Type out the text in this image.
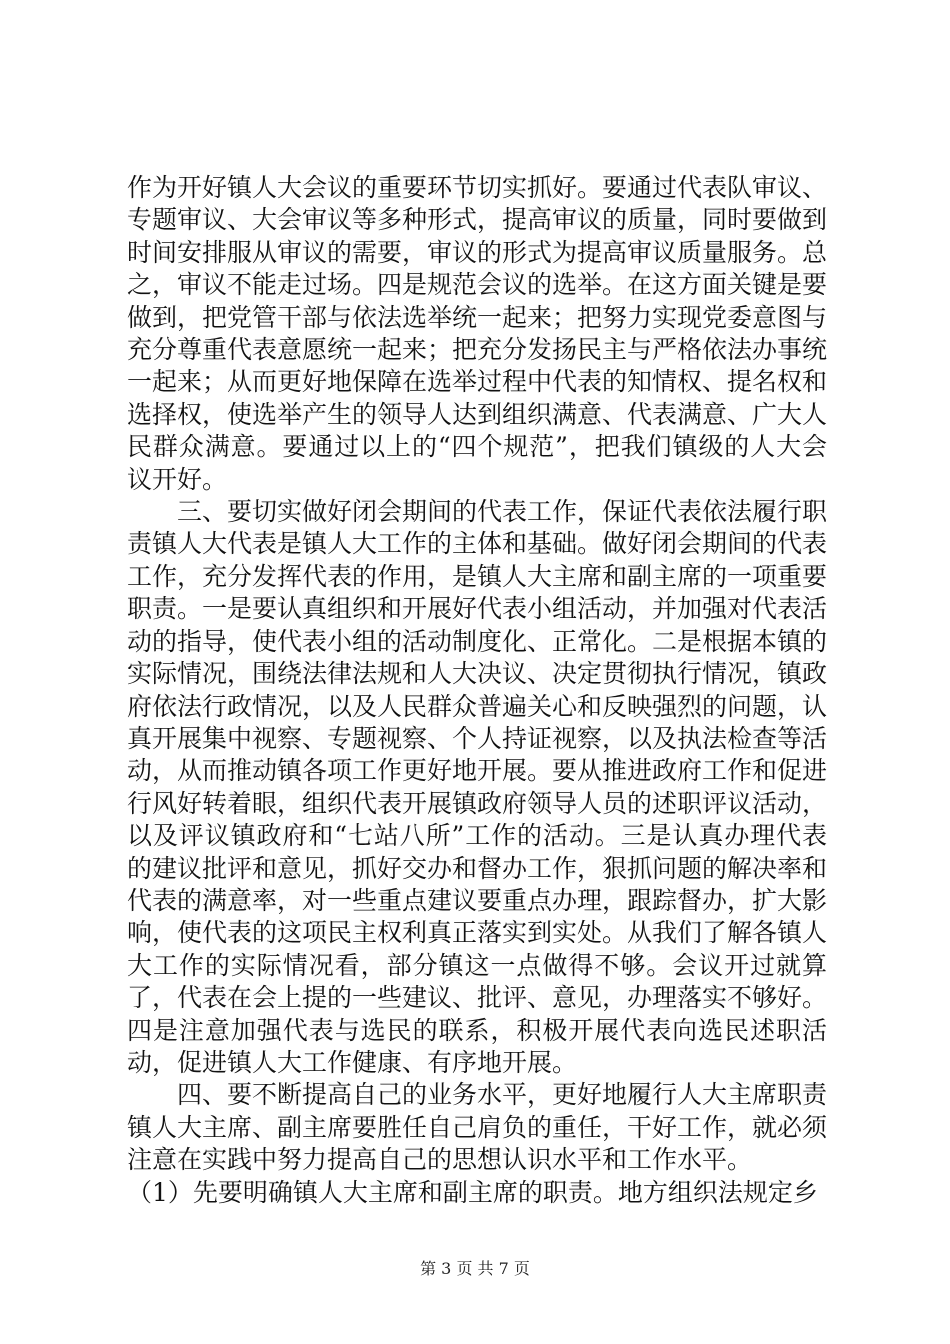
作为开好镇人大会议的重要环节切实抓好。要通过代表队审议、专题审议、大会审议等多种形式，提高审议的质量，同时要做到时间安排服从审议的需要，审议的形式为提高审议质量服务。总之，审议不能走过场。四是规范会议的选举。在这方面关键是要做到，把党管干部与依法选举统一起来；把努力实现党委意图与充分尊重代表意愿统一起来；把充分发扬民主与严格依法办事统一起来；从而更好地保障在选举过程中代表的知情权、提名权和选择权，使选举产生的领导人达到组织满意、代表满意、广大人民群众满意。要通过以上的“四个规范”，把我们镇级的人大会议开好。

三、要切实做好闭会期间的代表工作，保证代表依法履行职责镇人大代表是镇人大工作的主体和基础。做好闭会期间的代表工作，充分发挥代表的作用，是镇人大主席和副主席的一项重要职责。一是要认真组织和开展好代表小组活动，并加强对代表活动的指导，使代表小组的活动制度化、正常化。二是根据本镇的实际情况，围绕法律法规和人大决议、决定贯彻执行情况，镇政府依法行政情况，以及人民群众普遍关心和反映强烈的问题，认真开展集中视察、专题视察、个人持证视察，以及执法检查等活动，从而推动镇各项工作更好地开展。要从推进政府工作和促进行风好转着眼，组织代表开展镇政府领导人员的述职评议活动，以及评议镇政府和“七站八所”工作的活动。三是认真办理代表的建议批评和意见，抓好交办和督办工作，狠抓问题的解决率和代表的满意率，对一些重点建议要重点办理，跟踪督办，扩大影响，使代表的这项民主权利真正落实到实处。从我们了解各镇人大工作的实际情况看，部分镇这一点做得不够。会议开过就算了，代表在会上提的一些建议、批评、意见，办理落实不够好。四是注意加强代表与选民的联系，积极开展代表向选民述职活动，促进镇人大工作健康、有序地开展。

四、要不断提高自己的业务水平，更好地履行人大主席职责镇人大主席、副主席要胜任自己肩负的重任，干好工作，就必须注意在实践中努力提高自己的思想认识水平和工作水平。

（1）先要明确镇人大主席和副主席的职责。地方组织法规定乡

第 3 页 共 7 页
